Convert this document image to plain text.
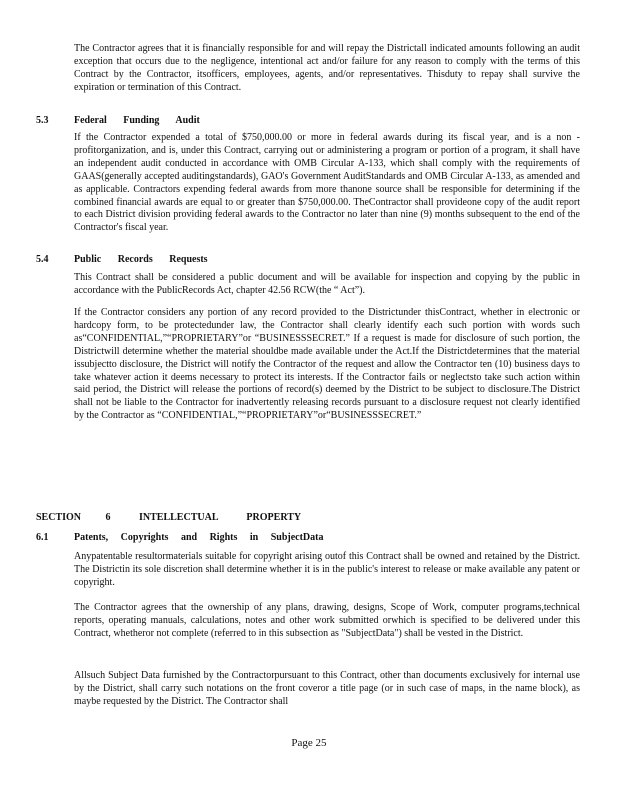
The Contractor agrees that it is financially responsible for and will repay the Districtall indicated amounts following an audit exception that occurs due to the negligence, intentional act and/or failure for any reason to comply with the terms of this Contract by the Contractor, itsofficers, employees, agents, and/or representatives. Thisduty to repay shall survive the expiration or termination of this Contract.

5.3	Federal Funding Audit

If the Contractor expended a total of $750,000.00 or more in federal awards during its fiscal year, and is a non -profitorganization, and is, under this Contract, carrying out or administering a program or portion of a program, it shall have an independent audit conducted in accordance with OMB Circular A-133, which shall comply with the requirements of GAAS(generally accepted auditingstandards), GAO's Government AuditStandards and OMB Circular A-133, as amended and as applicable. Contractors expending federal awards from more thanone source shall be responsible for determining if the combined financial awards are equal to or greater than $750,000.00. TheContractor shall provideone copy of the audit report to each District division providing federal awards to the Contractor no later than nine (9) months subsequent to the end of the Contractor's fiscal year.

5.4	Public Records Requests

This Contract shall be considered a public document and will be available for inspection and copying by the public in accordance with the PublicRecords Act, chapter 42.56 RCW(the “ Act”).

If the Contractor considers any portion of any record provided to the Districtunder thisContract, whether in electronic or hardcopy form, to be protectedunder law, the Contractor shall clearly identify each such portion with words such as“CONFIDENTIAL,”“PROPRIETARY”or “BUSINESSSECRET.” If a request is made for disclosure of such portion, the Districtwill determine whether the material shouldbe made available under the Act.If the Districtdetermines that the material issubjectto disclosure, the District will notify the Contractor of the request and allow the Contractor ten (10) business days to take whatever action it deems necessary to protect its interests. If the Contractor fails or neglectsto take such action within said period, the District will release the portions of record(s) deemed by the District to be subject to disclosure.The District shall not be liable to the Contractor for inadvertently releasing records pursuant to a disclosure request not clearly identified by the Contractor as “CONFIDENTIAL,”“PROPRIETARY”or“BUSINESSSECRET.”

SECTION 6	INTELLECTUAL PROPERTY
6.1	Patents, Copyrights and Rights in SubjectData

Anypatentable resultormaterials suitable for copyright arising outof this Contract shall be owned and retained by the District. The Districtin its sole discretion shall determine whether it is in the public's interest to release or make available any patent or copyright.

The Contractor agrees that the ownership of any plans, drawing, designs, Scope of Work, computer programs,technical reports, operating manuals, calculations, notes and other work submitted orwhich is specified to be delivered under this Contract, whetheror not complete (referred to in this subsection as "SubjectData") shall be vested in the District.

Allsuch Subject Data furnished by the Contractorpursuant to this Contract, other than documents exclusively for internal use by the District, shall carry such notations on the front coveror a title page (or in such case of maps, in the name block), as maybe requested by the District. The Contractor shall

Page 25
